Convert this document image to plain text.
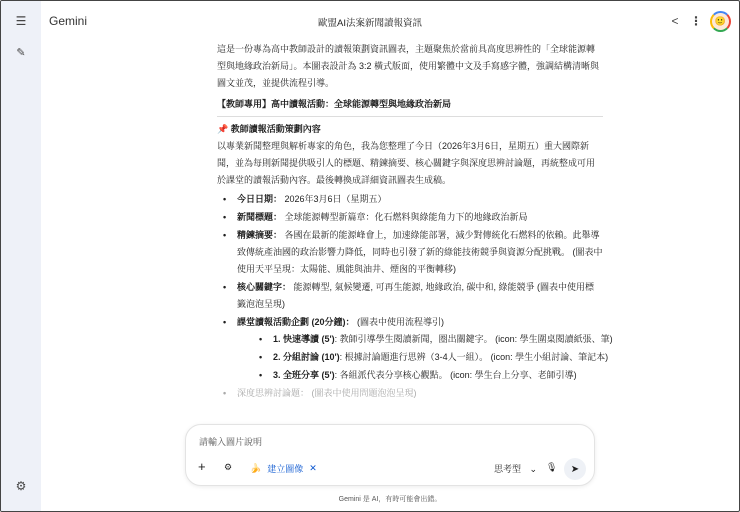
☰
✎
⚙
Gemini	歐盟AI法案新聞讀報資訊	< ⋮	🙂

這是一份專為高中教師設計的讀報策劃資訊圖表，主題聚焦於當前具高度思辨性的「全球能源轉型與地緣政治新局」。本圖表設計為 3:2 橫式版面，使用繁體中文及手寫感字體，強調結構清晰與圖文並茂，並提供流程引導。

【教師專用】高中讀報活動：全球能源轉型與地緣政治新局

📌 教師讀報活動策劃內容

以專業新聞整理與解析專家的角色，我為您整理了今日（2026年3月6日，星期五）重大國際新聞，並為每則新聞提供吸引人的標題、精鍊摘要、核心關鍵字與深度思辨討論題，再統整成可用於課堂的讀報活動內容。最後轉換成詳細資訊圖表生成稿。

• 今日日期： 2026年3月6日（星期五）
• 新聞標題： 全球能源轉型新篇章：化石燃料與綠能角力下的地緣政治新局
• 精鍊摘要： 各國在最新的能源峰會上，加速綠能部署，減少對傳統化石燃料的依賴。此舉導致傳統產油國的政治影響力降低，同時也引發了新的綠能技術競爭與資源分配挑戰。 (圖表中使用天平呈現：太陽能、風能與油井、煙囪的平衡轉移)
• 核心關鍵字： 能源轉型, 氣候變遷, 可再生能源, 地緣政治, 碳中和, 綠能競爭 (圖表中使用標籤泡泡呈現)
• 課堂讀報活動企劃 (20分鐘)： (圖表中使用流程導引)
• 1. 快速導讀 (5'): 教師引導學生閱讀新聞，圈出關鍵字。 (icon: 學生圍桌閱讀紙張、筆)
• 2. 分組討論 (10'): 根據討論題進行思辨（3-4人一組）。 (icon: 學生小組討論、筆記本)
• 3. 全班分享 (5'): 各組派代表分享核心觀點。 (icon: 學生台上分享、老師引導)
• 深度思辨討論題： (圖表中使用問題泡泡呈現)
請輸入圖片說明
+ ⚙ 🍌 建立圖像 ✕	思考型 ⌄ 🎙	➤
Gemini 是 AI，有時可能會出錯。
